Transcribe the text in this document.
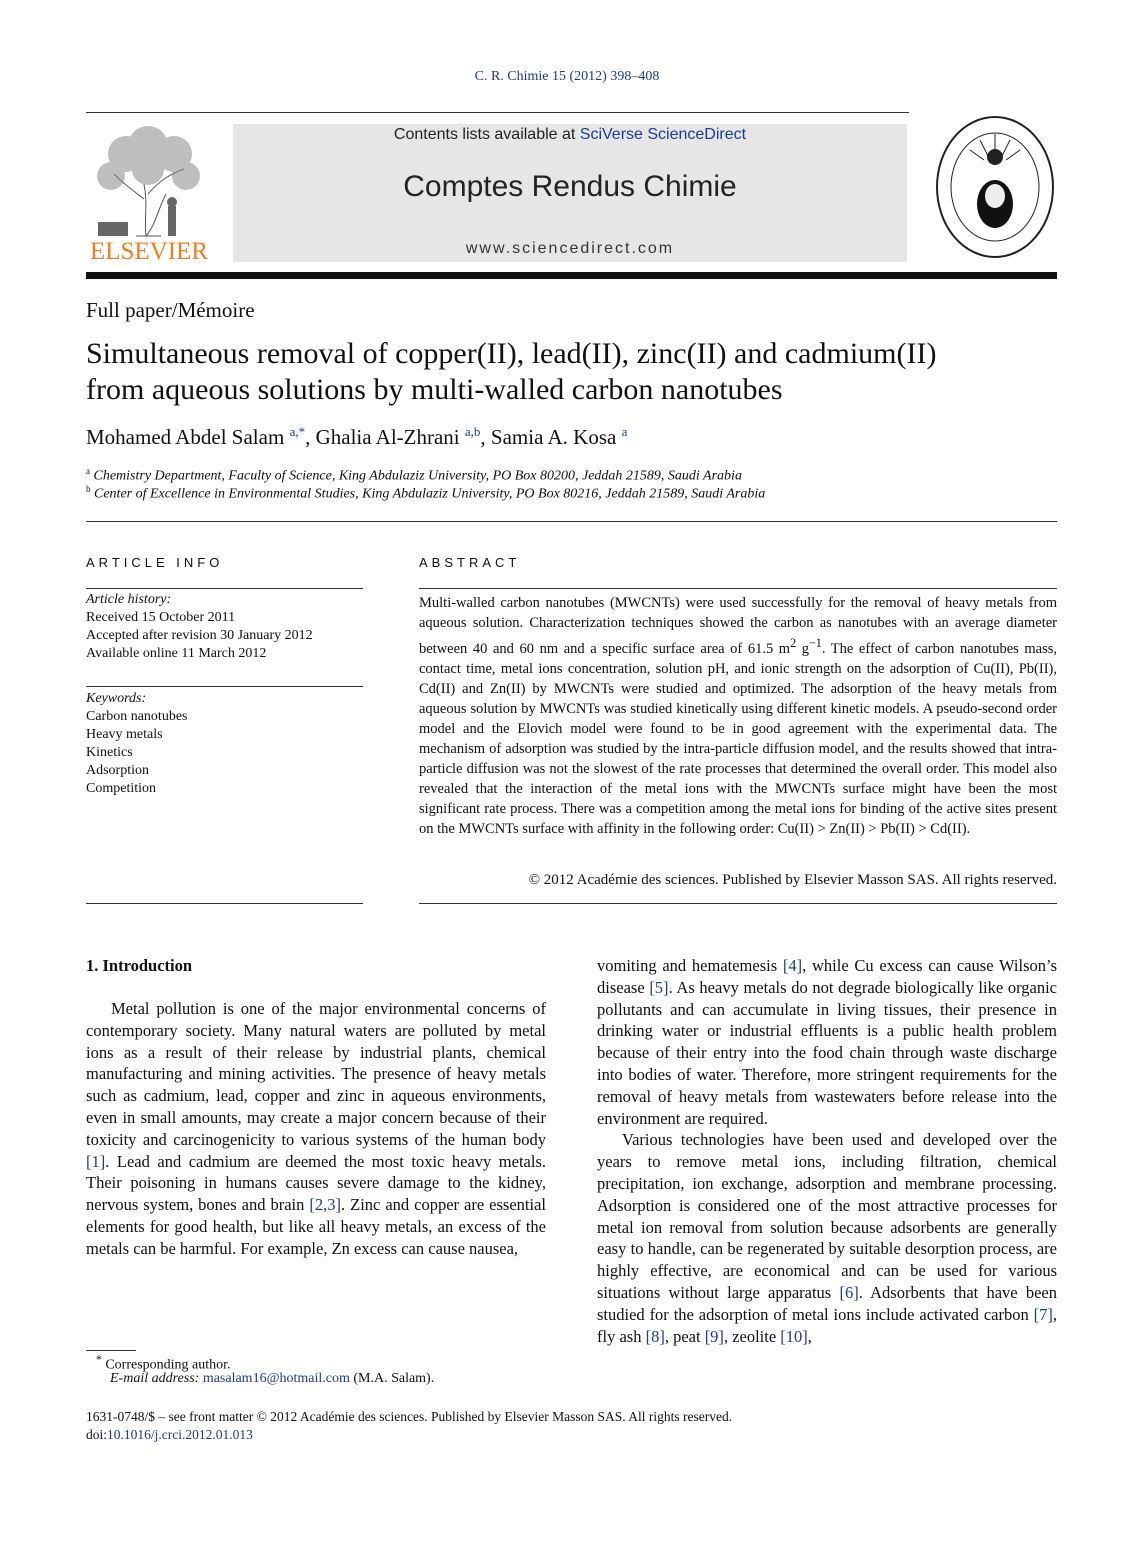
C. R. Chimie 15 (2012) 398–408
Contents lists available at SciVerse ScienceDirect
Comptes Rendus Chimie
www.sciencedirect.com
ELSEVIER
Full paper/Mémoire
Simultaneous removal of copper(II), lead(II), zinc(II) and cadmium(II)
from aqueous solutions by multi-walled carbon nanotubes
Mohamed Abdel Salam $^{a,*}$, Ghalia Al-Zhrani $^{a,b}$, Samia A. Kosa $^a$
$^a$ Chemistry Department, Faculty of Science, King Abdulaziz University, PO Box 80200, Jeddah 21589, Saudi Arabia
$^b$ Center of Excellence in Environmental Studies, King Abdulaziz University, PO Box 80216, Jeddah 21589, Saudi Arabia
ARTICLE INFO
Article history:
Received 15 October 2011
Accepted after revision 30 January 2012
Available online 11 March 2012
Keywords:
Carbon nanotubes
Heavy metals
Kinetics
Adsorption
Competition
ABSTRACT
Multi-walled carbon nanotubes (MWCNTs) were used successfully for the removal of heavy metals from aqueous solution. Characterization techniques showed the carbon as nanotubes with an average diameter between 40 and 60 nm and a specific surface area of 61.5 $m^2$ $g^{-1}$. The effect of carbon nanotubes mass, contact time, metal ions concentration, solution pH, and ionic strength on the adsorption of Cu(II), Pb(II), Cd(II) and Zn(II) by MWCNTs were studied and optimized. The adsorption of the heavy metals from aqueous solution by MWCNTs was studied kinetically using different kinetic models. A pseudo-second order model and the Elovich model were found to be in good agreement with the experimental data. The mechanism of adsorption was studied by the intra-particle diffusion model, and the results showed that intra-particle diffusion was not the slowest of the rate processes that determined the overall order. This model also revealed that the interaction of the metal ions with the MWCNTs surface might have been the most significant rate process. There was a competition among the metal ions for binding of the active sites present on the MWCNTs surface with affinity in the following order: Cu(II) > Zn(II) > Pb(II) > Cd(II).
© 2012 Académie des sciences. Published by Elsevier Masson SAS. All rights reserved.
1. Introduction

Metal pollution is one of the major environmental concerns of contemporary society. Many natural waters are polluted by metal ions as a result of their release by industrial plants, chemical manufacturing and mining activities. The presence of heavy metals such as cadmium, lead, copper and zinc in aqueous environments, even in small amounts, may create a major concern because of their toxicity and carcinogenicity to various systems of the human body [1]. Lead and cadmium are deemed the most toxic heavy metals. Their poisoning in humans causes severe damage to the kidney, nervous system, bones and brain [2,3]. Zinc and copper are essential elements for good health, but like all heavy metals, an excess of the metals can be harmful. For example, Zn excess can cause nausea,

vomiting and hematemesis [4], while Cu excess can cause Wilson’s disease [5]. As heavy metals do not degrade biologically like organic pollutants and can accumulate in living tissues, their presence in drinking water or industrial effluents is a public health problem because of their entry into the food chain through waste discharge into bodies of water. Therefore, more stringent requirements for the removal of heavy metals from wastewaters before release into the environment are required.

Various technologies have been used and developed over the years to remove metal ions, including filtration, chemical precipitation, ion exchange, adsorption and membrane processing. Adsorption is considered one of the most attractive processes for metal ion removal from solution because adsorbents are generally easy to handle, can be regenerated by suitable desorption process, are highly effective, are economical and can be used for various situations without large apparatus [6]. Adsorbents that have been studied for the adsorption of metal ions include activated carbon [7], fly ash [8], peat [9], zeolite [10],

* Corresponding author.
E-mail address: masalam16@hotmail.com (M.A. Salam).
1631-0748/$ – see front matter © 2012 Académie des sciences. Published by Elsevier Masson SAS. All rights reserved.
doi:10.1016/j.crci.2012.01.013
